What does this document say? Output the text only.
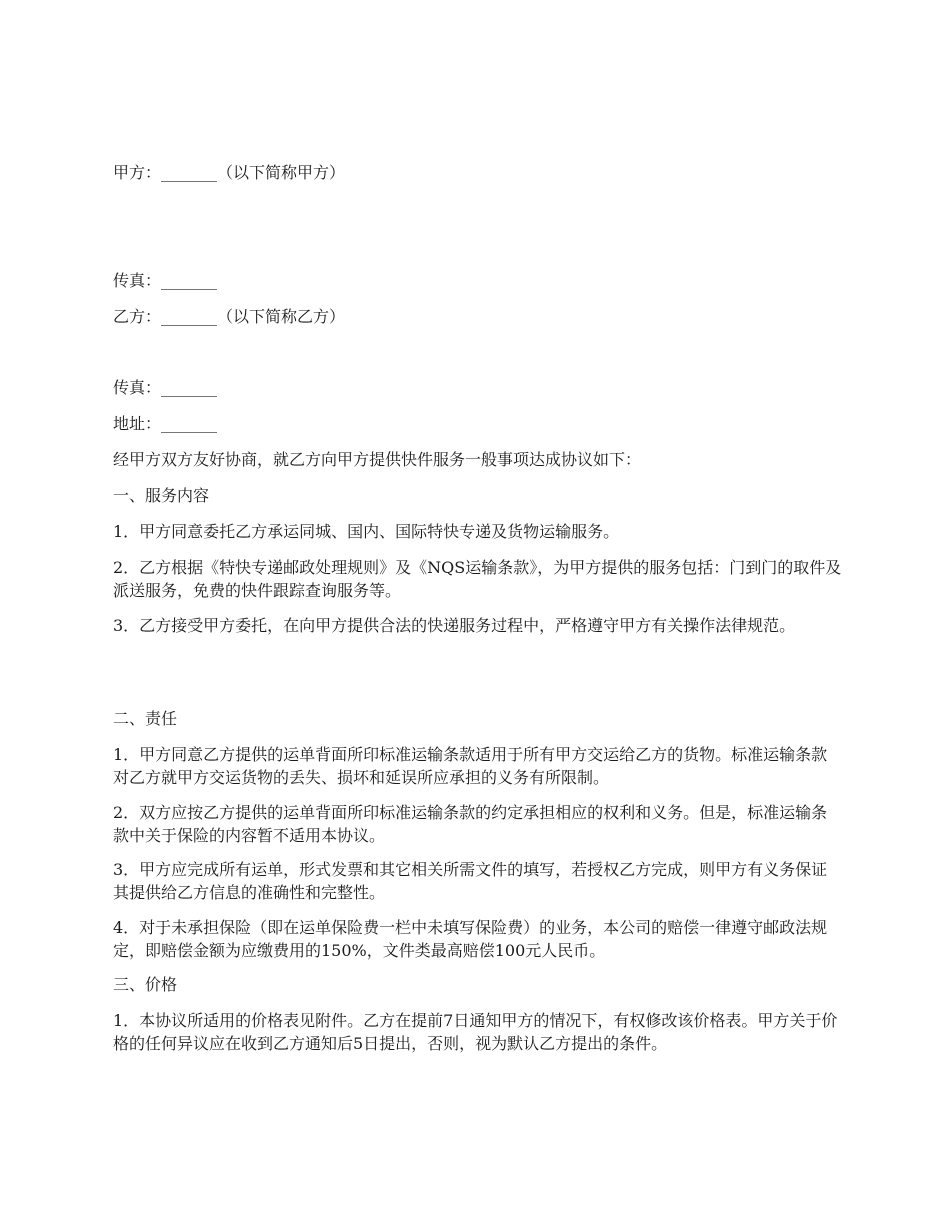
甲方：_______（以下简称甲方）
传真：_______
乙方：_______（以下简称乙方）
传真：_______
地址：_______
经甲方双方友好协商，就乙方向甲方提供快件服务一般事项达成协议如下：
一、服务内容
1．甲方同意委托乙方承运同城、国内、国际特快专递及货物运输服务。
2．乙方根据《特快专递邮政处理规则》及《NQS运输条款》，为甲方提供的服务包括：门到门的取件及派送服务，免费的快件跟踪查询服务等。
3．乙方接受甲方委托，在向甲方提供合法的快递服务过程中，严格遵守甲方有关操作法律规范。
二、责任
1．甲方同意乙方提供的运单背面所印标准运输条款适用于所有甲方交运给乙方的货物。标准运输条款对乙方就甲方交运货物的丢失、损坏和延误所应承担的义务有所限制。
2．双方应按乙方提供的运单背面所印标准运输条款的约定承担相应的权利和义务。但是，标准运输条款中关于保险的内容暂不适用本协议。
3．甲方应完成所有运单，形式发票和其它相关所需文件的填写，若授权乙方完成，则甲方有义务保证其提供给乙方信息的准确性和完整性。
4．对于未承担保险（即在运单保险费一栏中未填写保险费）的业务，本公司的赔偿一律遵守邮政法规定，即赔偿金额为应缴费用的150%，文件类最高赔偿100元人民币。
三、价格
1．本协议所适用的价格表见附件。乙方在提前7日通知甲方的情况下，有权修改该价格表。甲方关于价格的任何异议应在收到乙方通知后5日提出，否则，视为默认乙方提出的条件。
